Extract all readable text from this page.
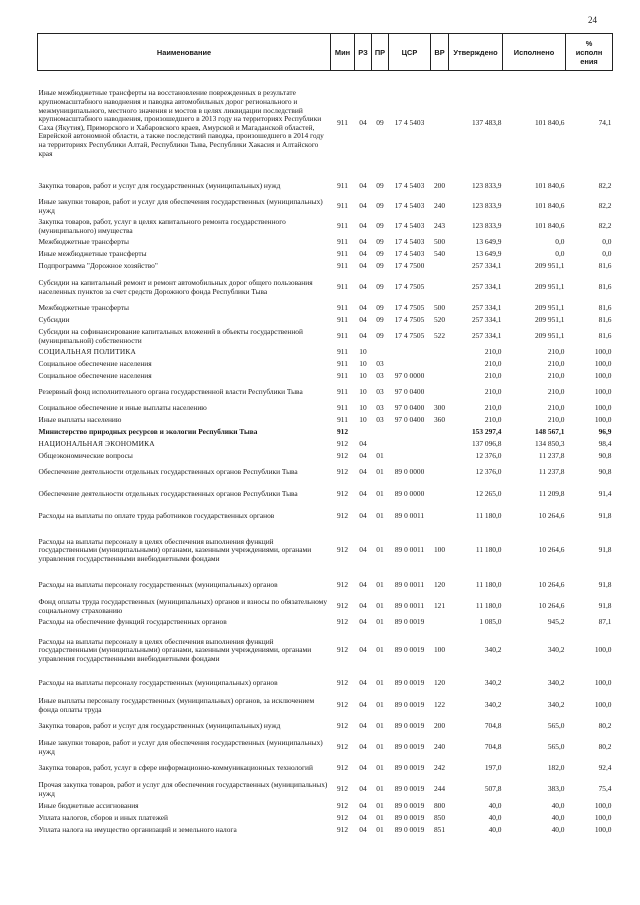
24
Наименование	Мин	РЗ	ПР	ЦСР	ВР	Утверждено	Исполнено	%
исполн
ения

Иные межбюджетные трансферты на восстановление поврежденных в результате крупномасштабного наводнения и паводка автомобильных дорог регионального и межмуниципального, местного значения и мостов в целях ликвидации последствий крупномасштабного наводнения, произошедшего в 2013 году на территориях Республики Саха (Якутия), Приморского и Хабаровского краев, Амурской и Магаданской областей, Еврейской автономной области, а также последствий паводка, произошедшего в 2014 году на территориях Республики Алтай, Республики Тыва, Республики Хакасия и Алтайского края	911	04	09	17 4 5403		137 483,8	101 840,6	74,1
Закупка товаров, работ и услуг для государственных (муниципальных) нужд	911	04	09	17 4 5403	200	123 833,9	101 840,6	82,2
Иные закупки товаров, работ и услуг для обеспечения государственных (муниципальных) нужд	911	04	09	17 4 5403	240	123 833,9	101 840,6	82,2
Закупка товаров, работ, услуг в целях капитального ремонта государственного (муниципального) имущества	911	04	09	17 4 5403	243	123 833,9	101 840,6	82,2
Межбюджетные трансферты	911	04	09	17 4 5403	500	13 649,9	0,0	0,0
Иные межбюджетные трансферты	911	04	09	17 4 5403	540	13 649,9	0,0	0,0
Подпрограмма "Дорожное хозяйство"	911	04	09	17 4 7500		257 334,1	209 951,1	81,6
Субсидии на капитальный ремонт и ремонт автомобильных дорог общего пользования населенных пунктов за счет средств Дорожного фонда Республики Тыва	911	04	09	17 4 7505		257 334,1	209 951,1	81,6
Межбюджетные трансферты	911	04	09	17 4 7505	500	257 334,1	209 951,1	81,6
Субсидии	911	04	09	17 4 7505	520	257 334,1	209 951,1	81,6
Субсидии на софинансирование капитальных вложений в объекты государственной (муниципальной) собственности	911	04	09	17 4 7505	522	257 334,1	209 951,1	81,6
СОЦИАЛЬНАЯ ПОЛИТИКА	911	10				210,0	210,0	100,0
Социальное обеспечение населения	911	10	03			210,0	210,0	100,0
Социальное обеспечение населения	911	10	03	97 0 0000		210,0	210,0	100,0
Резервный фонд исполнительного органа государственной власти Республики Тыва	911	10	03	97 0 0400		210,0	210,0	100,0
Социальное обеспечение и иные выплаты населению	911	10	03	97 0 0400	300	210,0	210,0	100,0
Иные выплаты населению	911	10	03	97 0 0400	360	210,0	210,0	100,0
Министерство природных ресурсов и экологии Республики Тыва	912					153 297,4	148 567,1	96,9
НАЦИОНАЛЬНАЯ ЭКОНОМИКА	912	04				137 096,8	134 850,3	98,4
Общеэкономические вопросы	912	04	01			12 376,0	11 237,8	90,8
Обеспечение деятельности отдельных государственных органов Республики Тыва	912	04	01	89 0 0000		12 376,0	11 237,8	90,8
Обеспечение деятельности отдельных государственных органов Республики Тыва	912	04	01	89 0 0000		12 265,0	11 209,8	91,4
Расходы на выплаты по оплате труда работников государственных органов	912	04	01	89 0 0011		11 180,0	10 264,6	91,8
Расходы на выплаты персоналу в целях обеспечения выполнения функций государственными (муниципальными) органами, казенными учреждениями, органами управления государственными внебюджетными фондами	912	04	01	89 0 0011	100	11 180,0	10 264,6	91,8
Расходы на выплаты персоналу государственных (муниципальных) органов	912	04	01	89 0 0011	120	11 180,0	10 264,6	91,8
Фонд оплаты труда государственных (муниципальных) органов и взносы по обязательному социальному страхованию	912	04	01	89 0 0011	121	11 180,0	10 264,6	91,8
Расходы на обеспечение функций государственных органов	912	04	01	89 0 0019		1 085,0	945,2	87,1
Расходы на выплаты персоналу в целях обеспечения выполнения функций государственными (муниципальными) органами, казенными учреждениями, органами управления государственными внебюджетными фондами	912	04	01	89 0 0019	100	340,2	340,2	100,0
Расходы на выплаты персоналу государственных (муниципальных) органов	912	04	01	89 0 0019	120	340,2	340,2	100,0
Иные выплаты персоналу государственных (муниципальных) органов, за исключением фонда оплаты труда	912	04	01	89 0 0019	122	340,2	340,2	100,0
Закупка товаров, работ и услуг для государственных (муниципальных) нужд	912	04	01	89 0 0019	200	704,8	565,0	80,2
Иные закупки товаров, работ и услуг для обеспечения государственных (муниципальных) нужд	912	04	01	89 0 0019	240	704,8	565,0	80,2
Закупка товаров, работ, услуг в сфере информационно-коммуникационных технологий	912	04	01	89 0 0019	242	197,0	182,0	92,4
Прочая закупка товаров, работ и услуг для обеспечения государственных (муниципальных) нужд	912	04	01	89 0 0019	244	507,8	383,0	75,4
Иные бюджетные ассигнования	912	04	01	89 0 0019	800	40,0	40,0	100,0
Уплата налогов, сборов и иных платежей	912	04	01	89 0 0019	850	40,0	40,0	100,0
Уплата налога на имущество организаций и земельного налога	912	04	01	89 0 0019	851	40,0	40,0	100,0
